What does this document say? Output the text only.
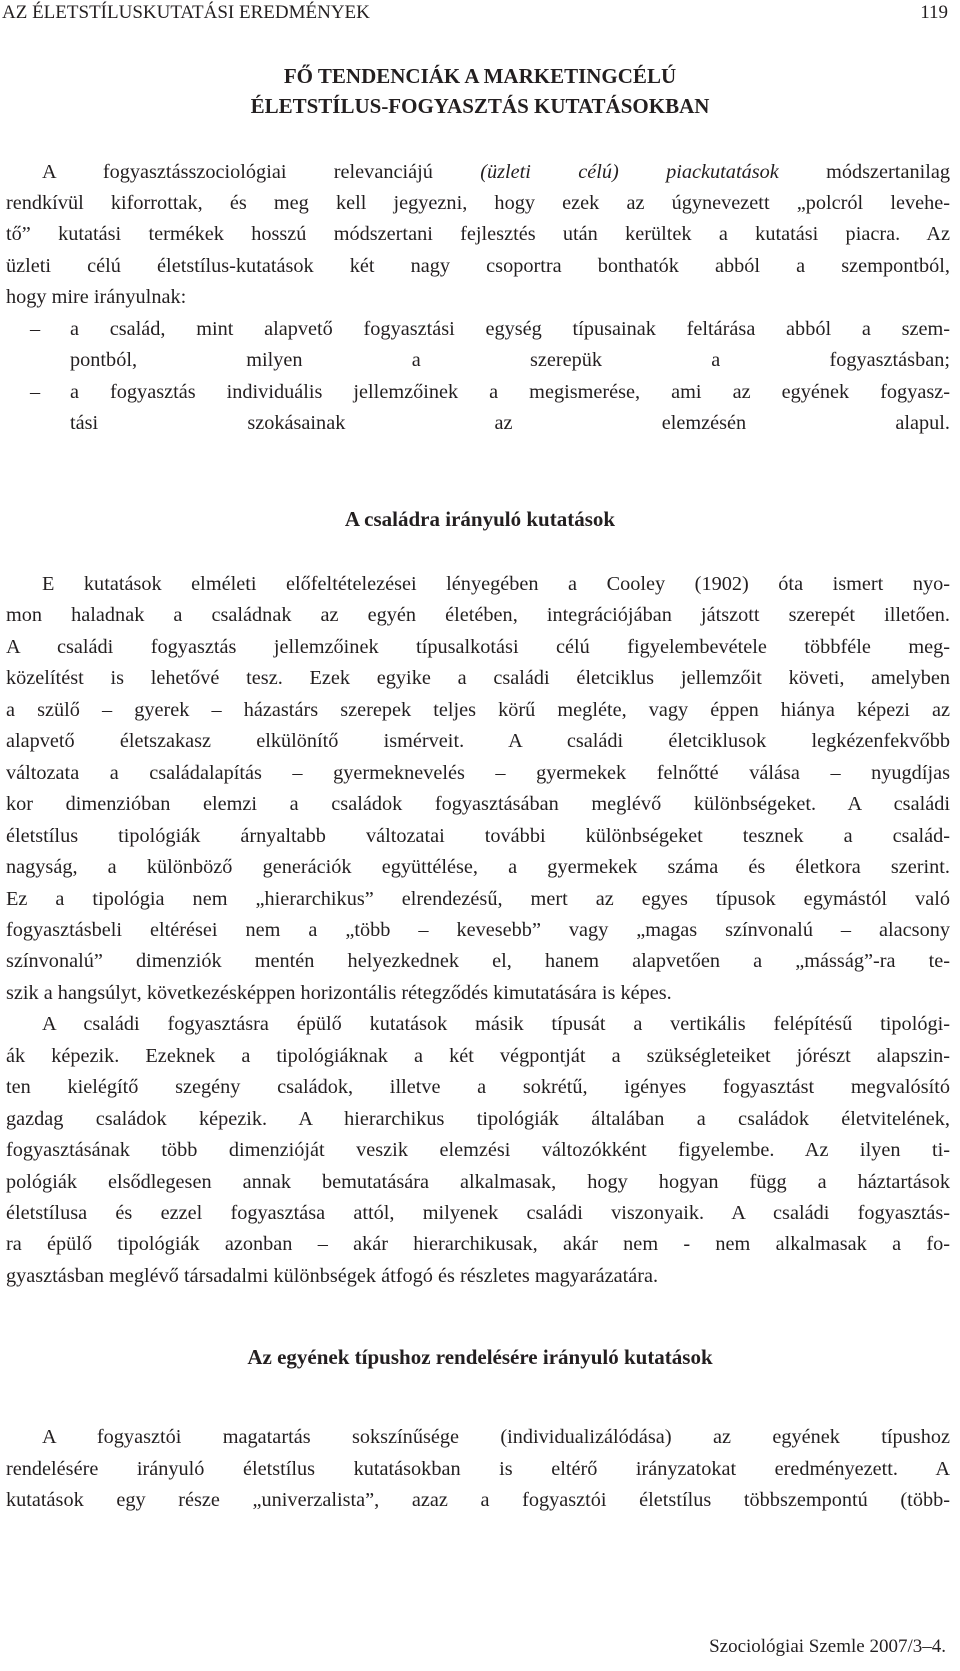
AZ ÉLETSTÍLUSKUTATÁSI EREDMÉNYEK	119
FŐ TENDENCIÁK A MARKETINGCÉLÚ
ÉLETSTÍLUS-FOGYASZTÁS KUTATÁSOKBAN
A fogyasztásszociológiai relevanciájú (üzleti célú) piackutatások módszertanilag
rendkívül kiforrottak, és meg kell jegyezni, hogy ezek az úgynevezett „polcról levehe-
tő” kutatási termékek hosszú módszertani fejlesztés után kerültek a kutatási piacra. Az
üzleti célú életstílus-kutatások két nagy csoportra bonthatók abból a szempontból,
hogy mire irányulnak:
– a család, mint alapvető fogyasztási egység típusainak feltárása abból a szem-
pontból, milyen a szerepük a fogyasztásban;
– a fogyasztás individuális jellemzőinek a megismerése, ami az egyének fogyasz-
tási szokásainak az elemzésén alapul.
A családra irányuló kutatások
E kutatások elméleti előfeltételezései lényegében a Cooley (1902) óta ismert nyo-
mon haladnak a családnak az egyén életében, integrációjában játszott szerepét illetően.
A családi fogyasztás jellemzőinek típusalkotási célú figyelembevétele többféle meg-
közelítést is lehetővé tesz. Ezek egyike a családi életciklus jellemzőit követi, amelyben
a szülő – gyerek – házastárs szerepek teljes körű megléte, vagy éppen hiánya képezi az
alapvető életszakasz elkülönítő ismérveit. A családi életciklusok legkézenfekvőbb
változata a családalapítás – gyermeknevelés – gyermekek felnőtté válása – nyugdíjas
kor dimenzióban elemzi a családok fogyasztásában meglévő különbségeket. A családi
életstílus tipológiák árnyaltabb változatai további különbségeket tesznek a család-
nagyság, a különböző generációk együttélése, a gyermekek száma és életkora szerint.
Ez a tipológia nem „hierarchikus” elrendezésű, mert az egyes típusok egymástól való
fogyasztásbeli eltérései nem a „több – kevesebb” vagy „magas színvonalú – alacsony
színvonalú” dimenziók mentén helyezkednek el, hanem alapvetően a „másság”-ra te-
szik a hangsúlyt, következésképpen horizontális rétegződés kimutatására is képes.
A családi fogyasztásra épülő kutatások másik típusát a vertikális felépítésű tipológi-
ák képezik. Ezeknek a tipológiáknak a két végpontját a szükségleteiket jórészt alapszin-
ten kielégítő szegény családok, illetve a sokrétű, igényes fogyasztást megvalósító
gazdag családok képezik. A hierarchikus tipológiák általában a családok életvitelének,
fogyasztásának több dimenzióját veszik elemzési változókként figyelembe. Az ilyen ti-
pológiák elsődlegesen annak bemutatására alkalmasak, hogy hogyan függ a háztartások
életstílusa és ezzel fogyasztása attól, milyenek családi viszonyaik. A családi fogyasztás-
ra épülő tipológiák azonban – akár hierarchikusak, akár nem - nem alkalmasak a fo-
gyasztásban meglévő társadalmi különbségek átfogó és részletes magyarázatára.
Az egyének típushoz rendelésére irányuló kutatások
A fogyasztói magatartás sokszínűsége (individualizálódása) az egyének típushoz
rendelésére irányuló életstílus kutatásokban is eltérő irányzatokat eredményezett. A
kutatások egy része „univerzalista”, azaz a fogyasztói életstílus többszempontú (több-
Szociológiai Szemle 2007/3–4.
